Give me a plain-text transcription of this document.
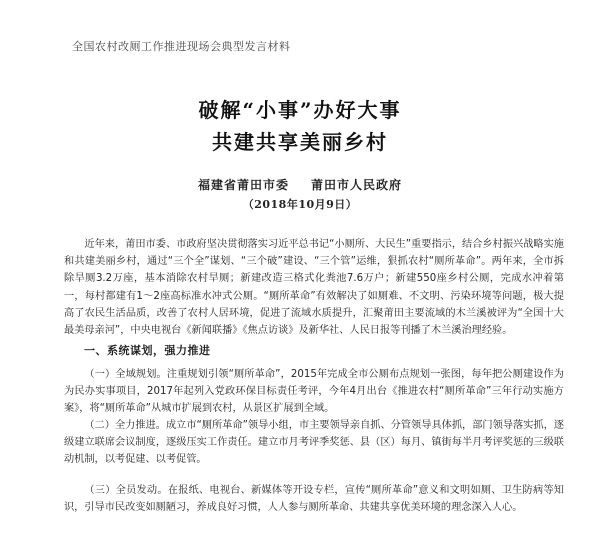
全国农村改厕工作推进现场会典型发言材料
破解“小事”办好大事
共建共享美丽乡村
福建省莆田市委 莆田市人民政府
（2018年10月9日）
近年来，莆田市委、市政府坚决贯彻落实习近平总书记“小厕所、大民生”重要指示，结合乡村振兴战略实施和共建美丽乡村，通过“三个全”谋划、“三个破”建设、“三个管”运维，狠抓农村“厕所革命”。两年来，全市拆除旱厕3.2万座，基本消除农村旱厕；新建改造三格式化粪池7.6万户；新建550座乡村公厕，完成水冲着第一，每村都建有1～2座高标准水冲式公厕。“厕所革命”有效解决了如厕难、不文明、污染环境等问题，极大提高了农民生活品质，改善了农村人居环境，促进了流域水质提升，汇聚莆田主要流域的木兰溪被评为“全国十大最美母亲河”，中央电视台《新闻联播》《焦点访谈》及新华社、人民日报等刊播了木兰溪治理经验。
一、系统谋划，强力推进
（一）全域规划。注重规划引领“厕所革命”，2015年完成全市公厕布点规划一张图，每年把公厕建设作为为民办实事项目，2017年起列入党政环保目标责任考评，今年4月出台《推进农村“厕所革命”三年行动实施方案》，将“厕所革命”从城市扩展到农村，从景区扩展到全域。
（二）全力推进。成立市“厕所革命”领导小组，市主要领导亲自抓、分管领导具体抓，部门领导落实抓，逐级建立联席会议制度，逐级压实工作责任。建立市月考评季奖惩、县（区）每月、镇街每半月考评奖惩的三级联动机制，以考促建、以考促管。
（三）全员发动。在报纸、电视台、新媒体等开设专栏，宣传“厕所革命”意义和文明如厕、卫生防病等知识，引导市民改变如厕陋习，养成良好习惯，人人参与厕所革命、共建共享优美环境的理念深入人心。
